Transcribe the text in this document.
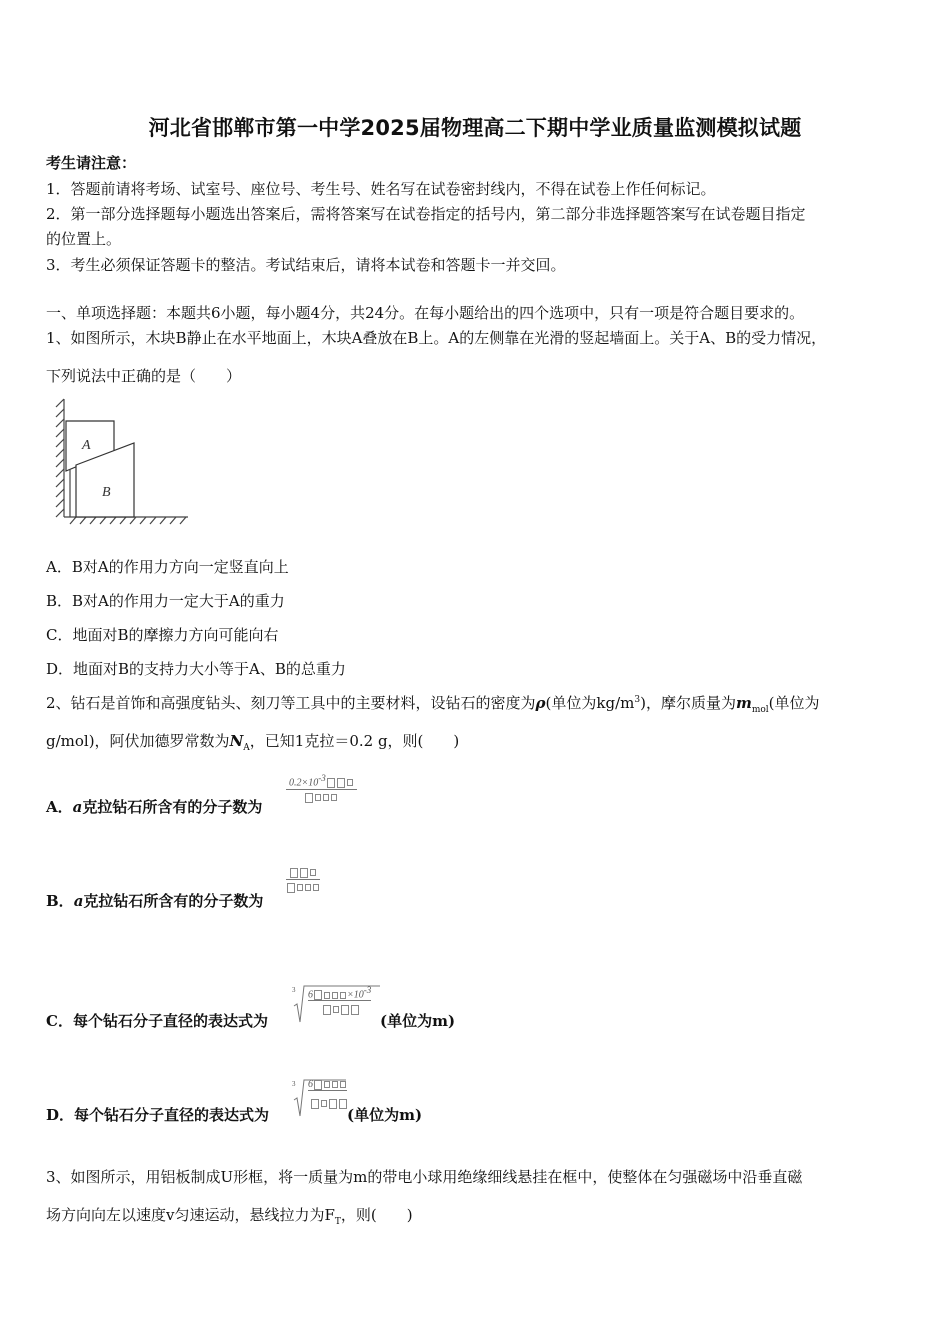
河北省邯郸市第一中学2025届物理高二下期中学业质量监测模拟试题
考生请注意：
1．答题前请将考场、试室号、座位号、考生号、姓名写在试卷密封线内，不得在试卷上作任何标记。
2．第一部分选择题每小题选出答案后，需将答案写在试卷指定的括号内，第二部分非选择题答案写在试卷题目指定
的位置上。
3．考生必须保证答题卡的整洁。考试结束后，请将本试卷和答题卡一并交回。
一、单项选择题：本题共6小题，每小题4分，共24分。在每小题给出的四个选项中，只有一项是符合题目要求的。
1、如图所示，木块B静止在水平地面上，木块A叠放在B上。A的左侧靠在光滑的竖起墙面上。关于A、B的受力情况，
下列说法中正确的是（　　）
A
B
A．B对A的作用力方向一定竖直向上
B．B对A的作用力一定大于A的重力
C．地面对B的摩擦力方向可能向右
D．地面对B的支持力大小等于A、B的总重力
2、钻石是首饰和高强度钻头、刻刀等工具中的主要材料，设钻石的密度为ρ(单位为$kg/m^3$)，摩尔质量为$m_{mol}$(单位为
g/mol)，阿伏加德罗常数为$N_A$，已知1克拉＝0.2 g，则(　　)
A．a克拉钻石所含有的分子数为
$0.2\times 10^{-3}$
B．a克拉钻石所含有的分子数为
C．每个钻石分子直径的表达式为
3 6	$\times 10^{-3}$
(单位为m)
D．每个钻石分子直径的表达式为
3 6
(单位为m)
3、如图所示，用铝板制成U形框，将一质量为m的带电小球用绝缘细线悬挂在框中，使整体在匀强磁场中沿垂直磁
场方向向左以速度v匀速运动，悬线拉力为$F_T$，则(　　)
